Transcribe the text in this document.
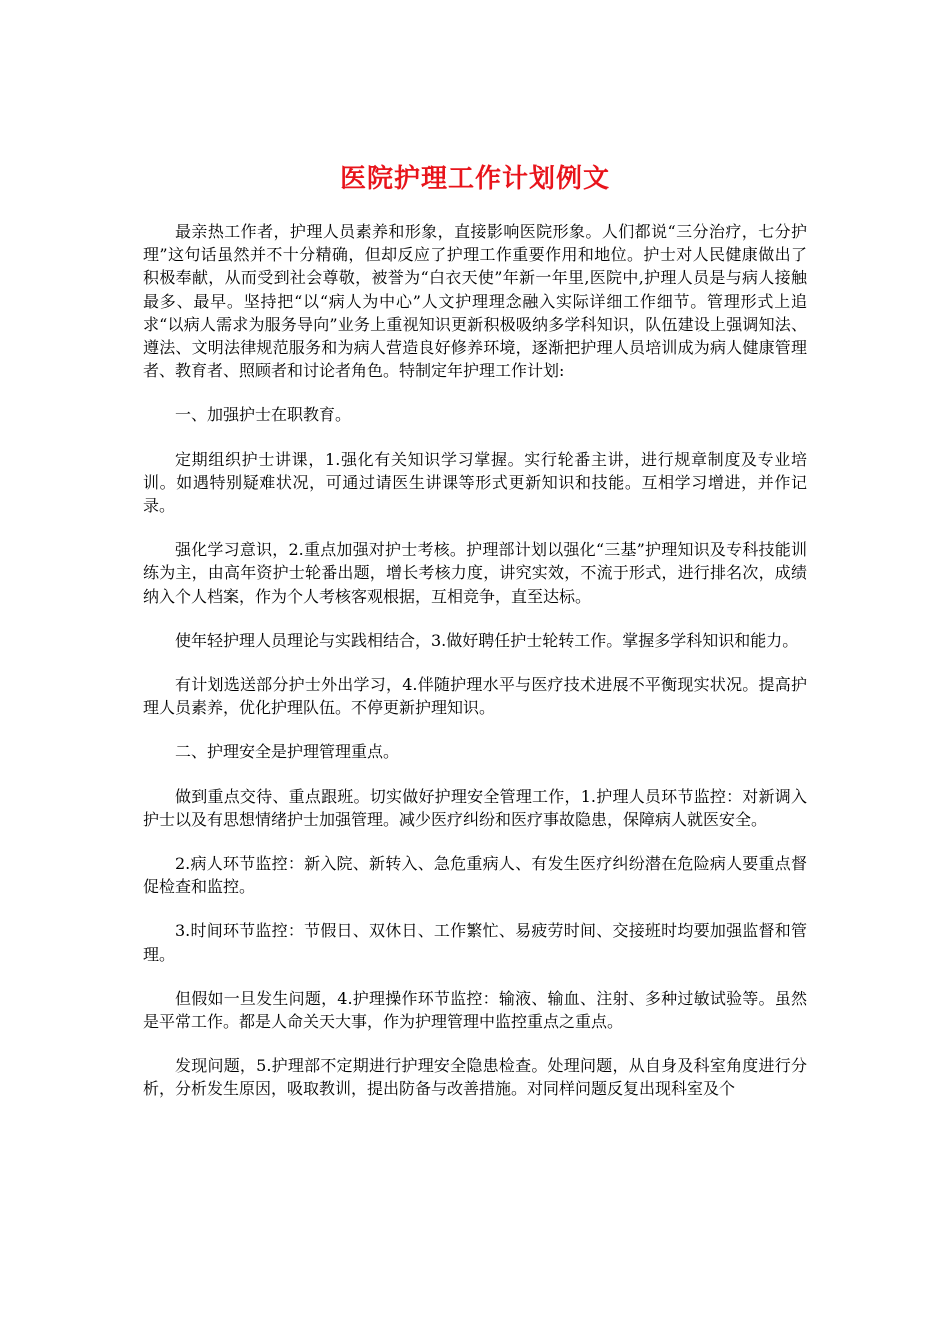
医院护理工作计划例文

最亲热工作者，护理人员素养和形象，直接影响医院形象。人们都说“三分治疗，七分护理”这句话虽然并不十分精确，但却反应了护理工作重要作用和地位。护士对人民健康做出了积极奉献，从而受到社会尊敬，被誉为“白衣天使”年新一年里,医院中,护理人员是与病人接触最多、最早。坚持把“以“病人为中心”人文护理理念融入实际详细工作细节。管理形式上追求“以病人需求为服务导向”业务上重视知识更新积极吸纳多学科知识，队伍建设上强调知法、遵法、文明法律规范服务和为病人营造良好修养环境，逐渐把护理人员培训成为病人健康管理者、教育者、照顾者和讨论者角色。特制定年护理工作计划:

一、加强护士在职教育。

定期组织护士讲课，1.强化有关知识学习掌握。实行轮番主讲，进行规章制度及专业培训。如遇特别疑难状况，可通过请医生讲课等形式更新知识和技能。互相学习增进，并作记录。

强化学习意识，2.重点加强对护士考核。护理部计划以强化“三基”护理知识及专科技能训练为主，由高年资护士轮番出题，增长考核力度，讲究实效，不流于形式，进行排名次，成绩纳入个人档案，作为个人考核客观根据，互相竞争，直至达标。

使年轻护理人员理论与实践相结合，3.做好聘任护士轮转工作。掌握多学科知识和能力。

有计划选送部分护士外出学习，4.伴随护理水平与医疗技术进展不平衡现实状况。提高护理人员素养，优化护理队伍。不停更新护理知识。

二、护理安全是护理管理重点。

做到重点交待、重点跟班。切实做好护理安全管理工作，1.护理人员环节监控：对新调入护士以及有思想情绪护士加强管理。减少医疗纠纷和医疗事故隐患，保障病人就医安全。

2.病人环节监控：新入院、新转入、急危重病人、有发生医疗纠纷潜在危险病人要重点督促检查和监控。

3.时间环节监控：节假日、双休日、工作繁忙、易疲劳时间、交接班时均要加强监督和管理。

但假如一旦发生问题，4.护理操作环节监控：输液、输血、注射、多种过敏试验等。虽然是平常工作。都是人命关天大事，作为护理管理中监控重点之重点。

发现问题，5.护理部不定期进行护理安全隐患检查。处理问题，从自身及科室角度进行分析，分析发生原因，吸取教训，提出防备与改善措施。对同样问题反复出现科室及个
